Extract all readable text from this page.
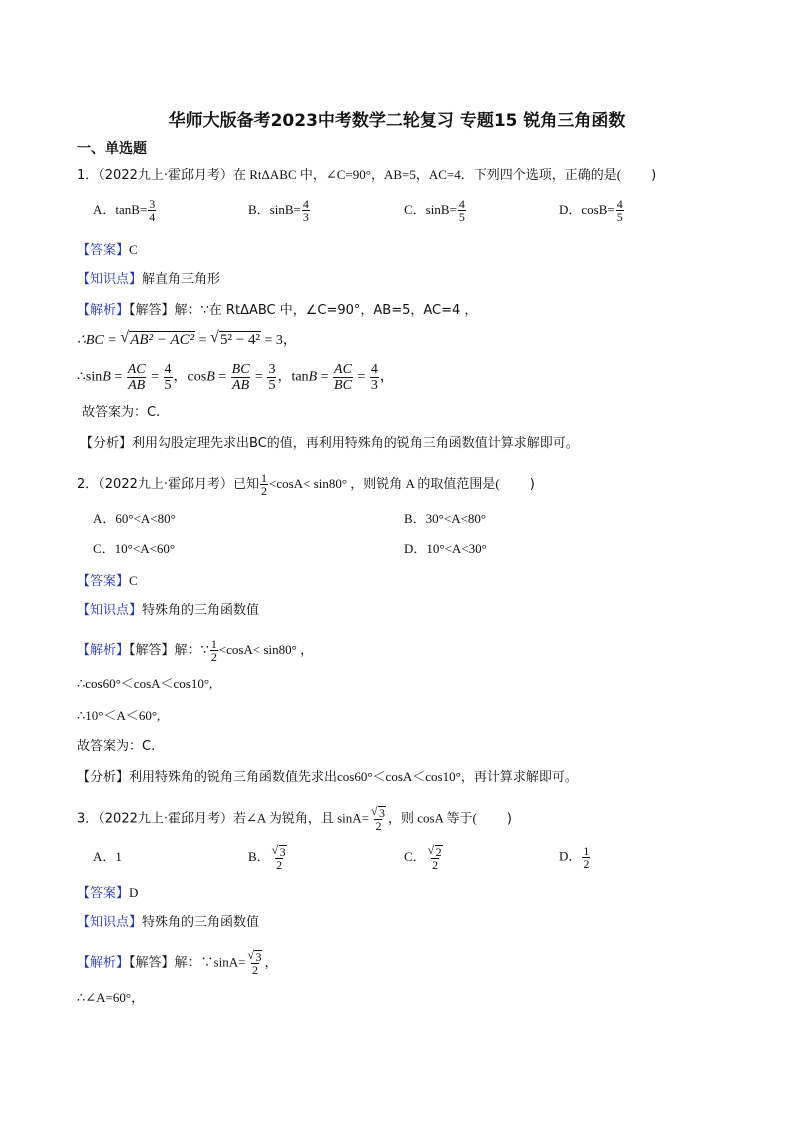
华师大版备考2023中考数学二轮复习 专题15 锐角三角函数
一、单选题
1．（2022九上·霍邱月考）在 RtΔABC 中，∠C=90°，AB=5，AC=4．下列四个选项，正确的是( )
A．$\tan B= \frac{3}{4}$	B．$\sin B= \frac{4}{3}$	C．$\sin B= \frac{4}{5}$	D．$\cos B= \frac{4}{5}$
【答案】C
【知识点】解直角三角形
【解析】【解答】解：∵在 RtΔABC 中，∠C=90°，AB=5，AC=4 ，
∴BC = √ AB² − AC² = √ 5² − 4² = 3，
∴sinB = $\frac{AC}{AB} = \frac{4}{5}$ ，$\cos B = \frac{BC}{AB} = \frac{3}{5}$ ，$\tan B = \frac{AC}{BC} = \frac{4}{3}$ ，
故答案为：C.
【分析】利用勾股定理先求出BC的值，再利用特殊角的锐角三角函数值计算求解即可。
2．（2022九上·霍邱月考）已知 $\frac{1}{2} <\cos A< \sin 80^\circ$ ，则锐角 A 的取值范围是( )
A．60°<A<80°	B．30°<A<80°
C．10°<A<60°	D．10°<A<30°
【答案】C
【知识点】特殊角的三角函数值
【解析】【解答】解：∵ $\frac{1}{2} <\cos A< \sin 80^\circ$ ，
∴cos60°＜cosA＜cos10°,
∴10°＜A＜60°,
故答案为：C.
【分析】利用特殊角的锐角三角函数值先求出cos60°＜cosA＜cos10°，再计算求解即可。
3．（2022九上·霍邱月考）若∠A 为锐角，且 sinA= √ $\frac{3}{2}$ ，则 cosA 等于( )
A．1	B． √ $\frac{3}{2}$	C． √ $\frac{2}{2}$	D． $\frac{1}{2}$
【答案】D
【知识点】特殊角的三角函数值
【解析】【解答】解：∵sinA= √ $\frac{3}{2}$ ，
∴∠A=60°，
